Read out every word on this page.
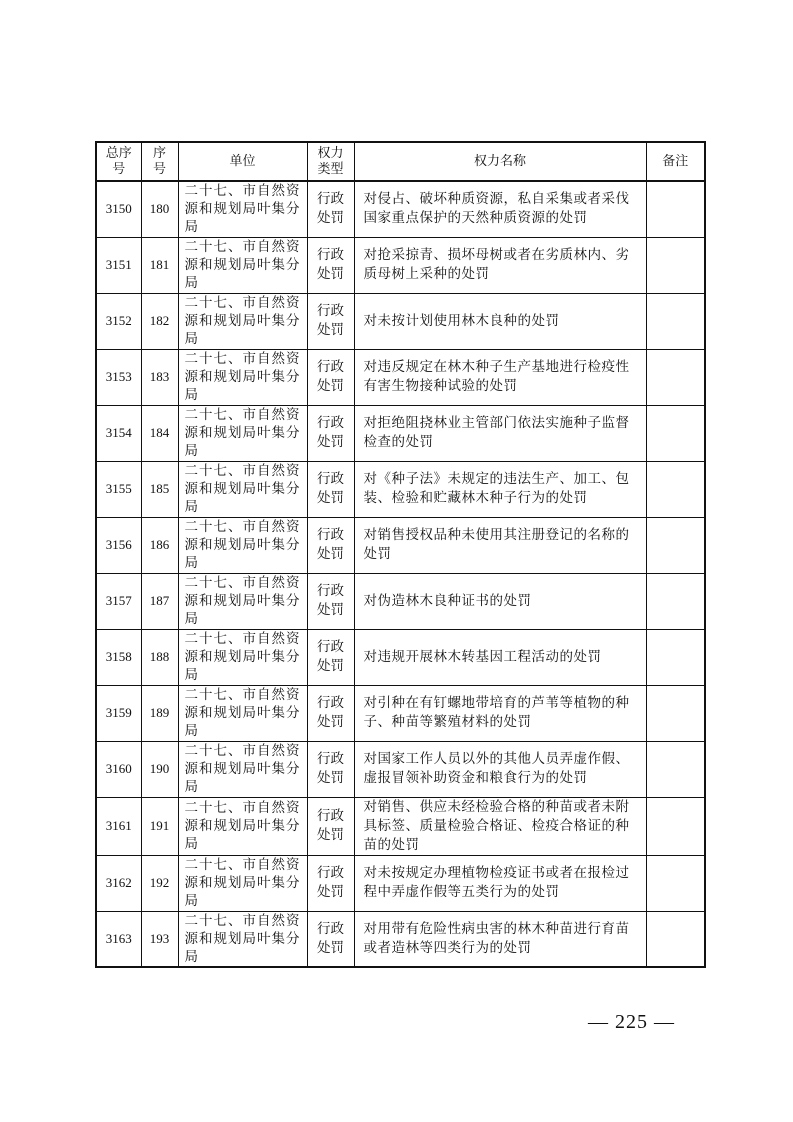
总序号	序号	单位	权力类型	权力名称	备注
3150	180	二十七、市自然资源和规划局叶集分局	行政处罚	对侵占、破坏种质资源，私自采集或者采伐国家重点保护的天然种质资源的处罚	
3151	181	二十七、市自然资源和规划局叶集分局	行政处罚	对抢采掠青、损坏母树或者在劣质林内、劣质母树上采种的处罚	
3152	182	二十七、市自然资源和规划局叶集分局	行政处罚	对未按计划使用林木良种的处罚	
3153	183	二十七、市自然资源和规划局叶集分局	行政处罚	对违反规定在林木种子生产基地进行检疫性有害生物接种试验的处罚	
3154	184	二十七、市自然资源和规划局叶集分局	行政处罚	对拒绝阻挠林业主管部门依法实施种子监督检查的处罚	
3155	185	二十七、市自然资源和规划局叶集分局	行政处罚	对《种子法》未规定的违法生产、加工、包装、检验和贮藏林木种子行为的处罚	
3156	186	二十七、市自然资源和规划局叶集分局	行政处罚	对销售授权品种未使用其注册登记的名称的处罚	
3157	187	二十七、市自然资源和规划局叶集分局	行政处罚	对伪造林木良种证书的处罚	
3158	188	二十七、市自然资源和规划局叶集分局	行政处罚	对违规开展林木转基因工程活动的处罚	
3159	189	二十七、市自然资源和规划局叶集分局	行政处罚	对引种在有钉螺地带培育的芦苇等植物的种子、种苗等繁殖材料的处罚	
3160	190	二十七、市自然资源和规划局叶集分局	行政处罚	对国家工作人员以外的其他人员弄虚作假、虚报冒领补助资金和粮食行为的处罚	
3161	191	二十七、市自然资源和规划局叶集分局	行政处罚	对销售、供应未经检验合格的种苗或者未附具标签、质量检验合格证、检疫合格证的种苗的处罚	
3162	192	二十七、市自然资源和规划局叶集分局	行政处罚	对未按规定办理植物检疫证书或者在报检过程中弄虚作假等五类行为的处罚	
3163	193	二十七、市自然资源和规划局叶集分局	行政处罚	对用带有危险性病虫害的林木种苗进行育苗或者造林等四类行为的处罚	
— 225 —
